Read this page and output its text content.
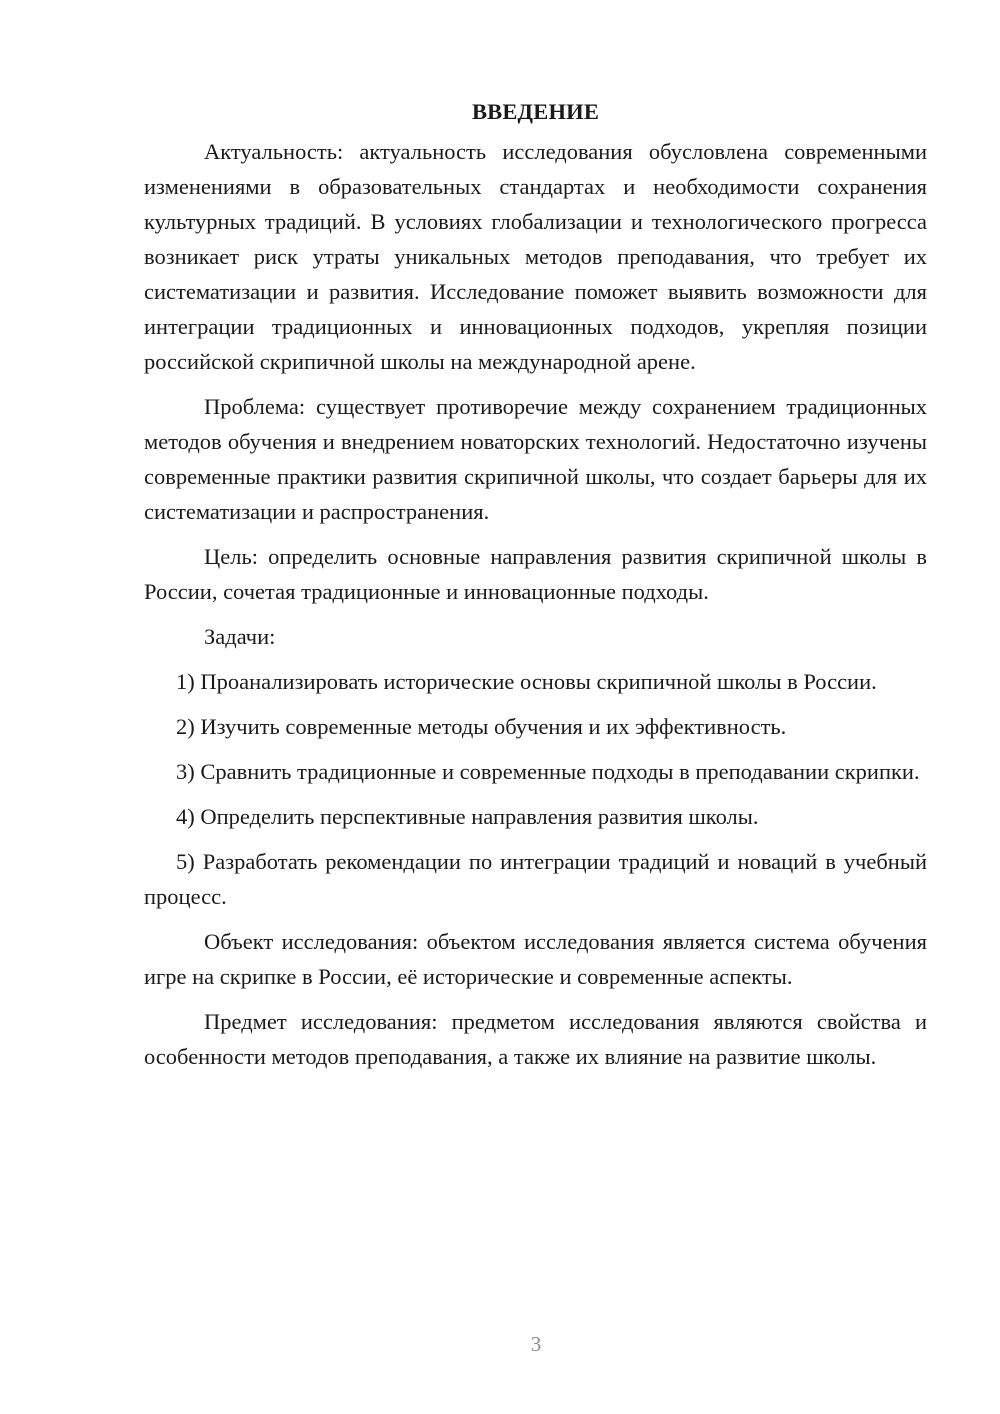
ВВЕДЕНИЕ

Актуальность: актуальность исследования обусловлена современными изменениями в образовательных стандартах и необходимости сохранения культурных традиций. В условиях глобализации и технологического прогресса возникает риск утраты уникальных методов преподавания, что требует их систематизации и развития. Исследование поможет выявить возможности для интеграции традиционных и инновационных подходов, укрепляя позиции российской скрипичной школы на международной арене.

Проблема: существует противоречие между сохранением традиционных методов обучения и внедрением новаторских технологий. Недостаточно изучены современные практики развития скрипичной школы, что создает барьеры для их систематизации и распространения.

Цель: определить основные направления развития скрипичной школы в России, сочетая традиционные и инновационные подходы.

Задачи:

1) Проанализировать исторические основы скрипичной школы в России.

2) Изучить современные методы обучения и их эффективность.

3) Сравнить традиционные и современные подходы в преподавании скрипки.

4) Определить перспективные направления развития школы.

5) Разработать рекомендации по интеграции традиций и новаций в учебный процесс.

Объект исследования: объектом исследования является система обучения игре на скрипке в России, её исторические и современные аспекты.

Предмет исследования: предметом исследования являются свойства и особенности методов преподавания, а также их влияние на развитие школы.

3
